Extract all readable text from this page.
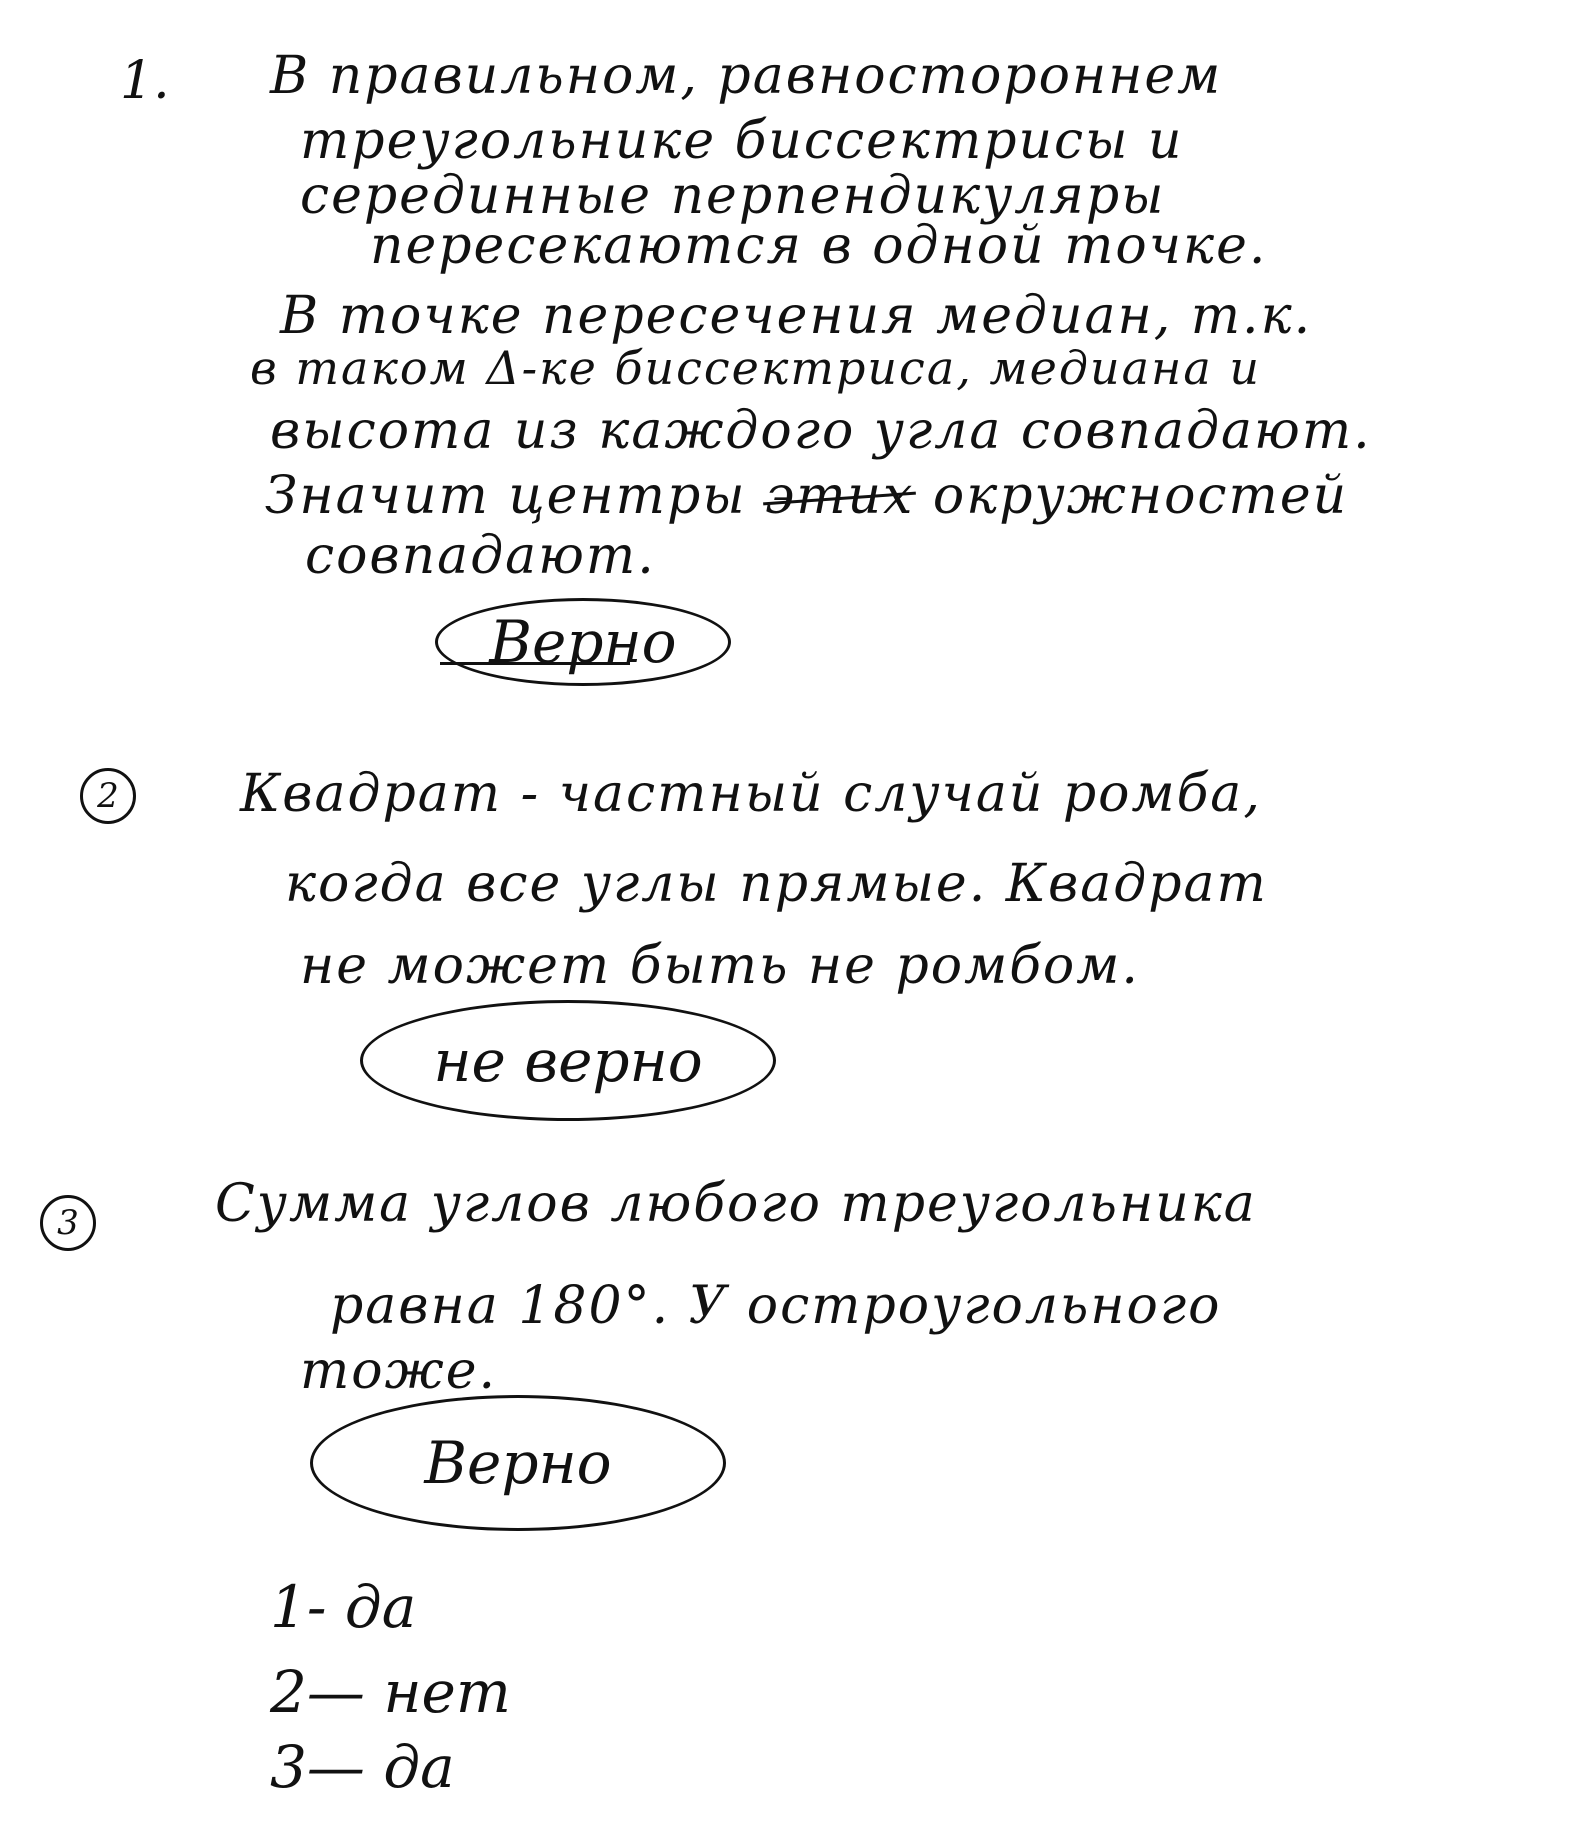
1. В правильном, равностороннем
треугольнике биссектрисы и
серединные перпендикуляры
пересекаются в одной точке.
В точке пересечения медиан, т.к.
в таком Δ-ке биссектриса, медиана и
высота из каждого угла совпадают.
Значит центры этих окружностей
совпадают.
Верно
2	Квадрат - частный случай ромба,
когда все углы прямые. Квадрат
не может быть не ромбом.
не верно
3	Сумма углов любого треугольника
равна 180°. У остроугольного
тоже.
Верно
1- да
2— нет
3— да
